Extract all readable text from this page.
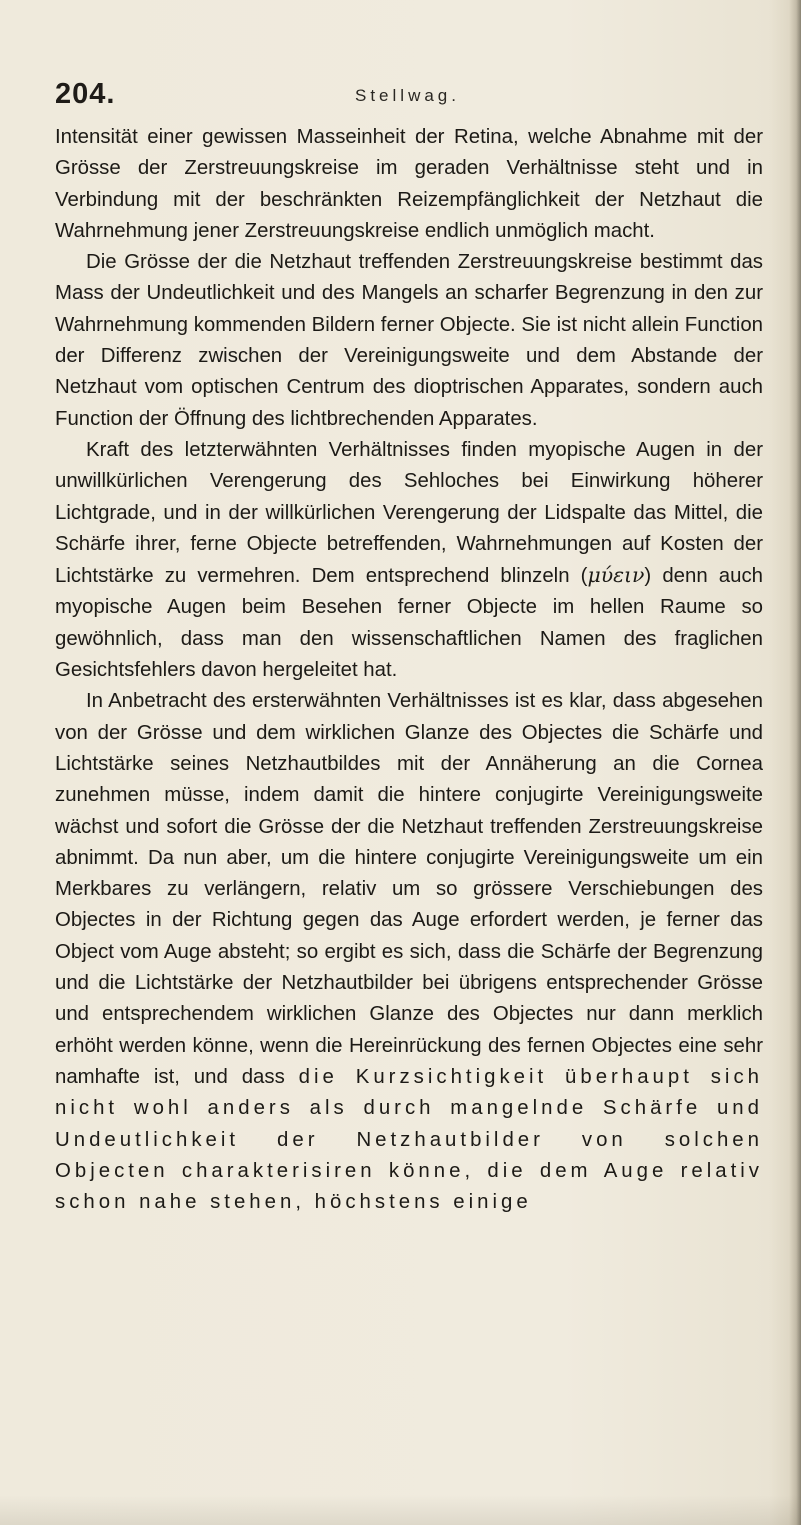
204.	Stellwag.

Intensität einer gewissen Masseinheit der Retina, welche Abnahme mit der Grösse der Zerstreuungskreise im geraden Verhältnisse steht und in Verbindung mit der beschränkten Reizempfänglichkeit der Netzhaut die Wahrnehmung jener Zerstreuungskreise endlich unmöglich macht.

Die Grösse der die Netzhaut treffenden Zerstreuungskreise bestimmt das Mass der Undeutlichkeit und des Mangels an scharfer Begrenzung in den zur Wahrnehmung kommenden Bildern ferner Objecte. Sie ist nicht allein Function der Differenz zwischen der Vereinigungsweite und dem Abstande der Netzhaut vom optischen Centrum des dioptrischen Apparates, sondern auch Function der Öffnung des lichtbrechenden Apparates.

Kraft des letzterwähnten Verhältnisses finden myopische Augen in der unwillkürlichen Verengerung des Sehloches bei Einwirkung höherer Lichtgrade, und in der willkürlichen Verengerung der Lidspalte das Mittel, die Schärfe ihrer, ferne Objecte betreffenden, Wahrnehmungen auf Kosten der Lichtstärke zu vermehren. Dem entsprechend blinzeln (μύειν) denn auch myopische Augen beim Besehen ferner Objecte im hellen Raume so gewöhnlich, dass man den wissenschaftlichen Namen des fraglichen Gesichtsfehlers davon hergeleitet hat.

In Anbetracht des ersterwähnten Verhältnisses ist es klar, dass abgesehen von der Grösse und dem wirklichen Glanze des Objectes die Schärfe und Lichtstärke seines Netzhautbildes mit der Annäherung an die Cornea zunehmen müsse, indem damit die hintere conjugirte Vereinigungsweite wächst und sofort die Grösse der die Netzhaut treffenden Zerstreuungskreise abnimmt. Da nun aber, um die hintere conjugirte Vereinigungsweite um ein Merkbares zu verlängern, relativ um so grössere Verschiebungen des Objectes in der Richtung gegen das Auge erfordert werden, je ferner das Object vom Auge absteht; so ergibt es sich, dass die Schärfe der Begrenzung und die Lichtstärke der Netzhautbilder bei übrigens entsprechender Grösse und entsprechendem wirklichen Glanze des Objectes nur dann merklich erhöht werden könne, wenn die Hereinrückung des fernen Objectes eine sehr namhafte ist, und dass die Kurzsichtigkeit überhaupt sich nicht wohl anders als durch mangelnde Schärfe und Undeutlichkeit der Netzhautbilder von solchen Objecten charakterisiren könne, die dem Auge relativ schon nahe stehen, höchstens einige
